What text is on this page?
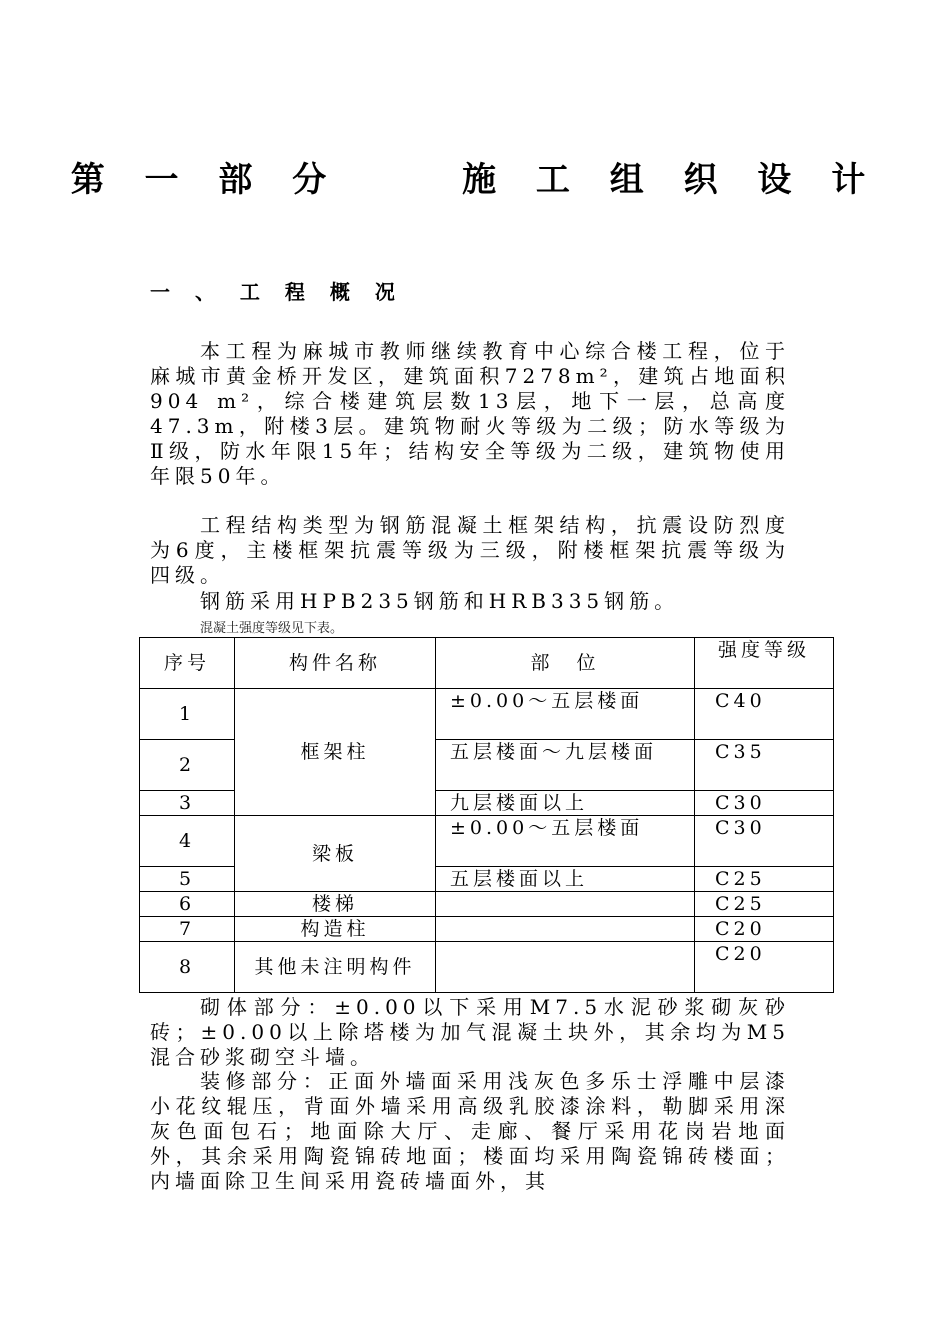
第 一 部 分　　 施 工 组 织 设 计
一 、 工 程 概 况
本工程为麻城市教师继续教育中心综合楼工程，位于麻城市黄金桥开发区，建筑面积7278m²，建筑占地面积904 m²，综合楼建筑层数13层，地下一层，总高度47.3m，附楼3层。建筑物耐火等级为二级；防水等级为Ⅱ级，防水年限15年；结构安全等级为二级，建筑物使用年限50年。
工程结构类型为钢筋混凝土框架结构，抗震设防烈度为6度，主楼框架抗震等级为三级，附楼框架抗震等级为四级。
钢筋采用HPB235钢筋和HRB335钢筋。
混凝土强度等级见下表。
序号	构件名称	部　位	强度等级
1	框架柱	±0.00～五层楼面	C40
2		五层楼面～九层楼面	C35
3		九层楼面以上	C30
4	梁板	±0.00～五层楼面	C30
5		五层楼面以上	C25
6	楼梯		C25
7	构造柱		C20
8	其他未注明构件		C20
砌体部分：±0.00以下采用M7.5水泥砂浆砌灰砂砖；±0.00以上除塔楼为加气混凝土块外，其余均为M5混合砂浆砌空斗墙。
装修部分：正面外墙面采用浅灰色多乐士浮雕中层漆小花纹辊压，背面外墙采用高级乳胶漆涂料，勒脚采用深灰色面包石；地面除大厅、走廊、餐厅采用花岗岩地面外，其余采用陶瓷锦砖地面；楼面均采用陶瓷锦砖楼面；内墙面除卫生间采用瓷砖墙面外，其
